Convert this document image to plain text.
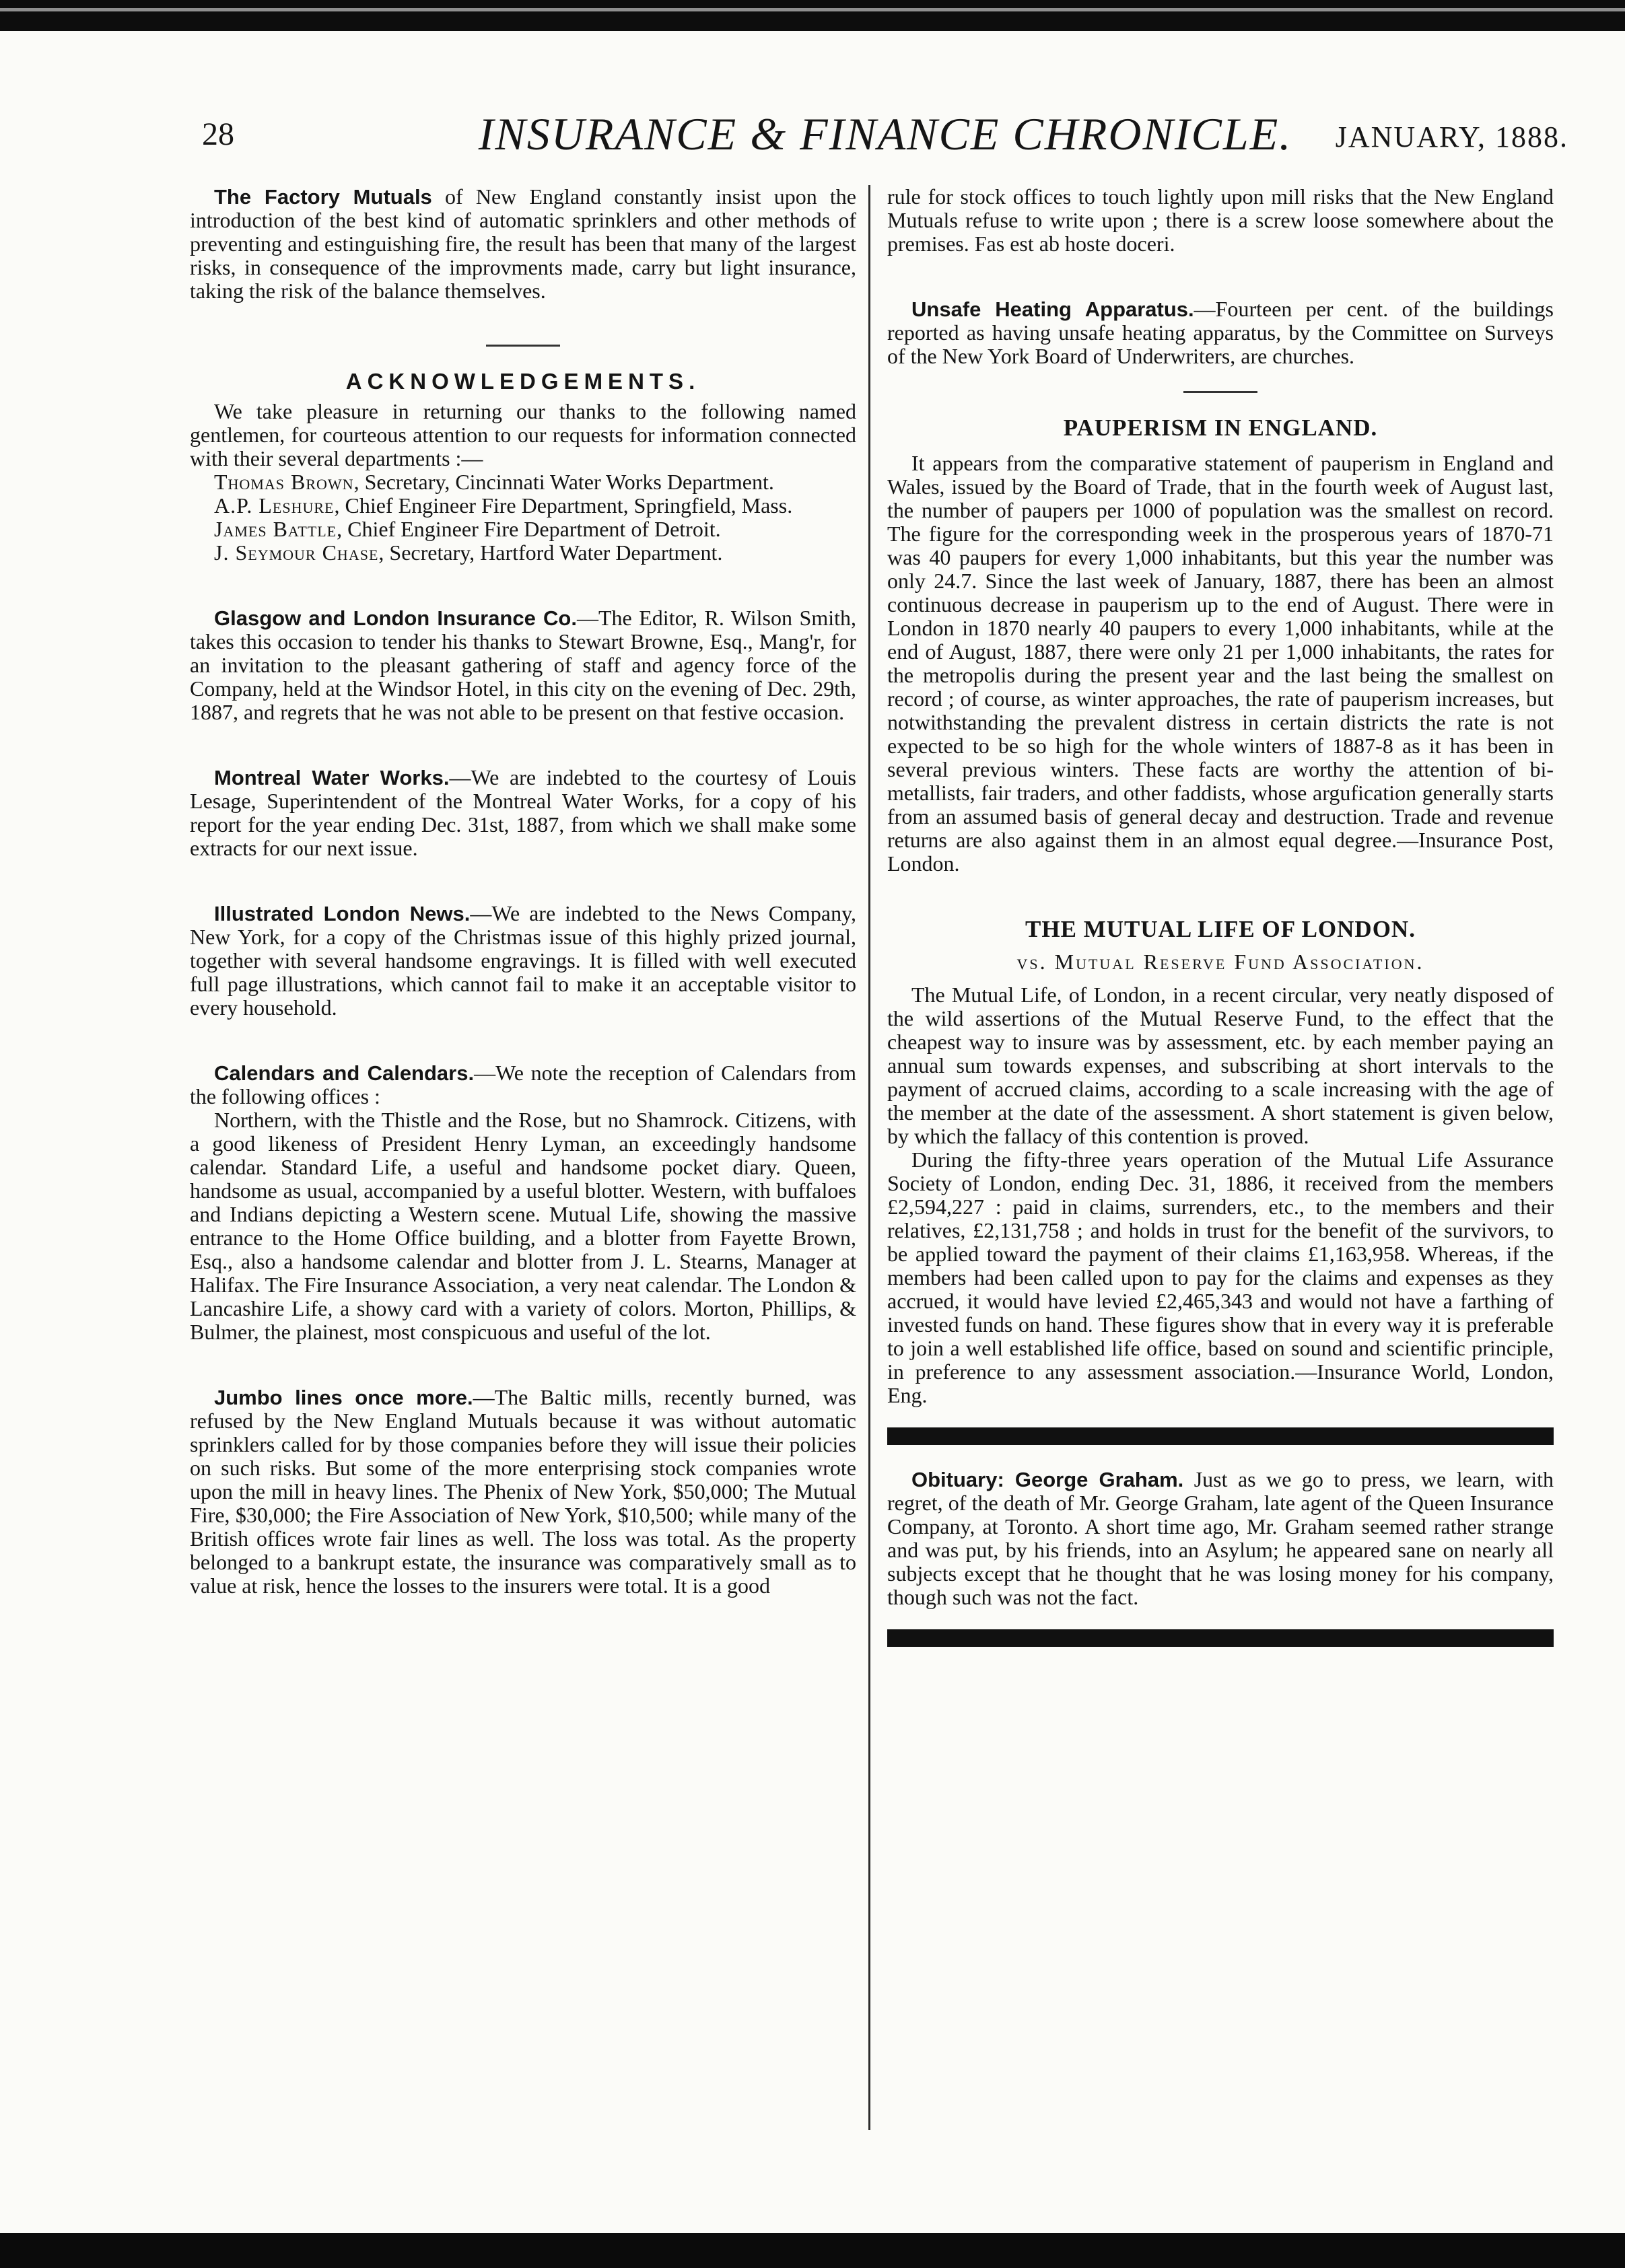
28	INSURANCE & FINANCE CHRONICLE.	JANUARY, 1888.

The Factory Mutuals of New England constantly insist upon the introduction of the best kind of automatic sprinklers and other methods of preventing and estinguishing fire, the result has been that many of the largest risks, in consequence of the improvments made, carry but light insurance, taking the risk of the balance themselves.

ACKNOWLEDGEMENTS.

We take pleasure in returning our thanks to the following named gentlemen, for courteous attention to our requests for information connected with their several departments :—

Thomas Brown, Secretary, Cincinnati Water Works Department.

A.P. Leshure, Chief Engineer Fire Department, Springfield, Mass.

James Battle, Chief Engineer Fire Department of Detroit.

J. Seymour Chase, Secretary, Hartford Water Department.

Glasgow and London Insurance Co.—The Editor, R. Wilson Smith, takes this occasion to tender his thanks to Stewart Browne, Esq., Mang'r, for an invitation to the pleasant gathering of staff and agency force of the Company, held at the Windsor Hotel, in this city on the evening of Dec. 29th, 1887, and regrets that he was not able to be present on that festive occasion.

Montreal Water Works.—We are indebted to the courtesy of Louis Lesage, Superintendent of the Montreal Water Works, for a copy of his report for the year ending Dec. 31st, 1887, from which we shall make some extracts for our next issue.

Illustrated London News.—We are indebted to the News Company, New York, for a copy of the Christmas issue of this highly prized journal, together with several handsome engravings. It is filled with well executed full page illustrations, which cannot fail to make it an acceptable visitor to every household.

Calendars and Calendars.—We note the reception of Calendars from the following offices :

Northern, with the Thistle and the Rose, but no Shamrock. Citizens, with a good likeness of President Henry Lyman, an exceedingly handsome calendar. Standard Life, a useful and handsome pocket diary. Queen, handsome as usual, accompanied by a useful blotter. Western, with buffaloes and Indians depicting a Western scene. Mutual Life, showing the massive entrance to the Home Office building, and a blotter from Fayette Brown, Esq., also a handsome calendar and blotter from J. L. Stearns, Manager at Halifax. The Fire Insurance Association, a very neat calendar. The London & Lancashire Life, a showy card with a variety of colors. Morton, Phillips, & Bulmer, the plainest, most conspicuous and useful of the lot.

Jumbo lines once more.—The Baltic mills, recently burned, was refused by the New England Mutuals because it was without automatic sprinklers called for by those companies before they will issue their policies on such risks. But some of the more enterprising stock companies wrote upon the mill in heavy lines. The Phenix of New York, $50,000; The Mutual Fire, $30,000; the Fire Association of New York, $10,500; while many of the British offices wrote fair lines as well. The loss was total. As the property belonged to a bankrupt estate, the insurance was comparatively small as to value at risk, hence the losses to the insurers were total. It is a good

rule for stock offices to touch lightly upon mill risks that the New England Mutuals refuse to write upon ; there is a screw loose somewhere about the premises. Fas est ab hoste doceri.

Unsafe Heating Apparatus.—Fourteen per cent. of the buildings reported as having unsafe heating apparatus, by the Committee on Surveys of the New York Board of Underwriters, are churches.

PAUPERISM IN ENGLAND.

It appears from the comparative statement of pauperism in England and Wales, issued by the Board of Trade, that in the fourth week of August last, the number of paupers per 1000 of population was the smallest on record. The figure for the corresponding week in the prosperous years of 1870-71 was 40 paupers for every 1,000 inhabitants, but this year the number was only 24.7. Since the last week of January, 1887, there has been an almost continuous decrease in pauperism up to the end of August. There were in London in 1870 nearly 40 paupers to every 1,000 inhabitants, while at the end of August, 1887, there were only 21 per 1,000 inhabitants, the rates for the metropolis during the present year and the last being the smallest on record ; of course, as winter approaches, the rate of pauperism increases, but notwithstanding the prevalent distress in certain districts the rate is not expected to be so high for the whole winters of 1887-8 as it has been in several previous winters. These facts are worthy the attention of bi-metallists, fair traders, and other faddists, whose argufication generally starts from an assumed basis of general decay and destruction. Trade and revenue returns are also against them in an almost equal degree.—Insurance Post, London.

THE MUTUAL LIFE OF LONDON.

vs. Mutual Reserve Fund Association.

The Mutual Life, of London, in a recent circular, very neatly disposed of the wild assertions of the Mutual Reserve Fund, to the effect that the cheapest way to insure was by assessment, etc. by each member paying an annual sum towards expenses, and subscribing at short intervals to the payment of accrued claims, according to a scale increasing with the age of the member at the date of the assessment. A short statement is given below, by which the fallacy of this contention is proved.

During the fifty-three years operation of the Mutual Life Assurance Society of London, ending Dec. 31, 1886, it received from the members £2,594,227 : paid in claims, surrenders, etc., to the members and their relatives, £2,131,758 ; and holds in trust for the benefit of the survivors, to be applied toward the payment of their claims £1,163,958. Whereas, if the members had been called upon to pay for the claims and expenses as they accrued, it would have levied £2,465,343 and would not have a farthing of invested funds on hand. These figures show that in every way it is preferable to join a well established life office, based on sound and scientific principle, in preference to any assessment association.—Insurance World, London, Eng.

Obituary: George Graham. Just as we go to press, we learn, with regret, of the death of Mr. George Graham, late agent of the Queen Insurance Company, at Toronto. A short time ago, Mr. Graham seemed rather strange and was put, by his friends, into an Asylum; he appeared sane on nearly all subjects except that he thought that he was losing money for his company, though such was not the fact.
